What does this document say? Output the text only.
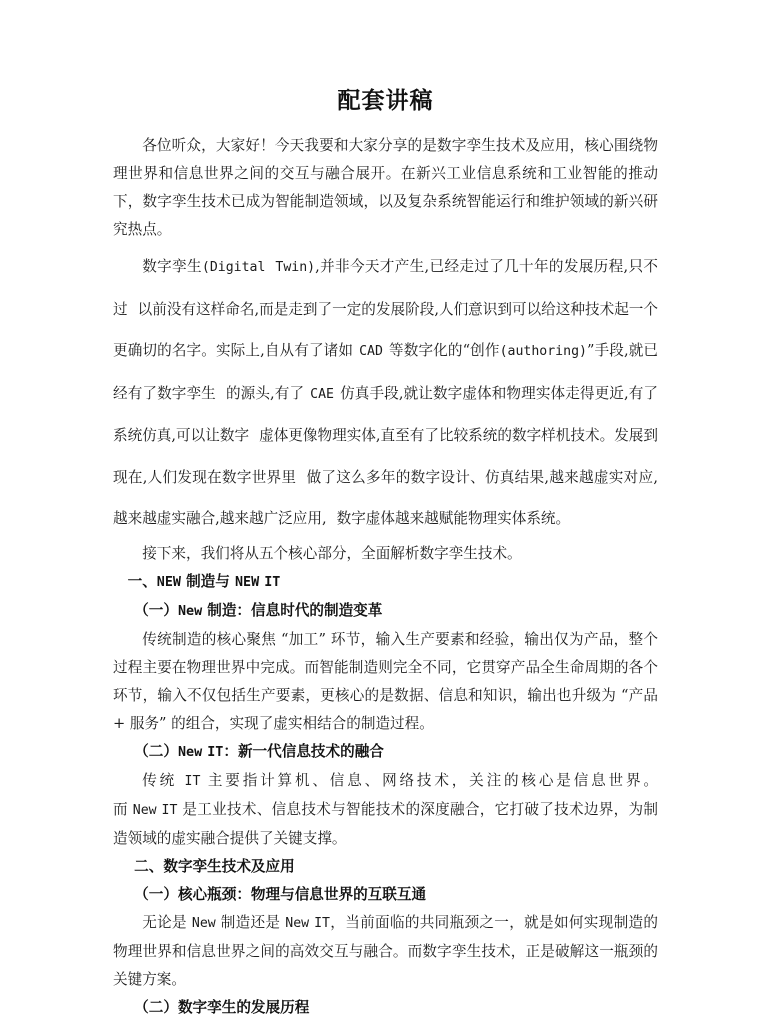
配套讲稿

各位听众，大家好！今天我要和大家分享的是数字孪生技术及应用，核心围绕物理世界和信息世界之间的交互与融合展开。在新兴工业信息系统和工业智能的推动下，数字孪生技术已成为智能制造领域，以及复杂系统智能运行和维护领域的新兴研究热点。

数字孪生(Digital Twin),并非今天才产生,已经走过了几十年的发展历程,只不过 以前没有这样命名,而是走到了一定的发展阶段,人们意识到可以给这种技术起一个更确切的名字。实际上,自从有了诸如 CAD 等数字化的“创作(authoring)”手段,就已经有了数字孪生 的源头,有了 CAE 仿真手段,就让数字虚体和物理实体走得更近,有了系统仿真,可以让数字 虚体更像物理实体,直至有了比较系统的数字样机技术。发展到现在,人们发现在数字世界里 做了这么多年的数字设计、仿真结果,越来越虚实对应,越来越虚实融合,越来越广泛应用, 数字虚体越来越赋能物理实体系统。

接下来，我们将从五个核心部分，全面解析数字孪生技术。

一、NEW 制造与 NEW IT

（一）New 制造：信息时代的制造变革

传统制造的核心聚焦 “加工” 环节，输入生产要素和经验，输出仅为产品，整个过程主要在物理世界中完成。而智能制造则完全不同，它贯穿产品全生命周期的各个环节，输入不仅包括生产要素，更核心的是数据、信息和知识，输出也升级为 “产品 + 服务” 的组合，实现了虚实相结合的制造过程。

（二）New IT：新一代信息技术的融合

传统 IT 主要指计算机、信息、网络技术，关注的核心是信息世界。而 New IT 是工业技术、信息技术与智能技术的深度融合，它打破了技术边界，为制造领域的虚实融合提供了关键支撑。

二、数字孪生技术及应用

（一）核心瓶颈：物理与信息世界的互联互通

无论是 New 制造还是 New IT，当前面临的共同瓶颈之一，就是如何实现制造的物理世界和信息世界之间的高效交互与融合。而数字孪生技术，正是破解这一瓶颈的关键方案。

（二）数字孪生的发展历程
